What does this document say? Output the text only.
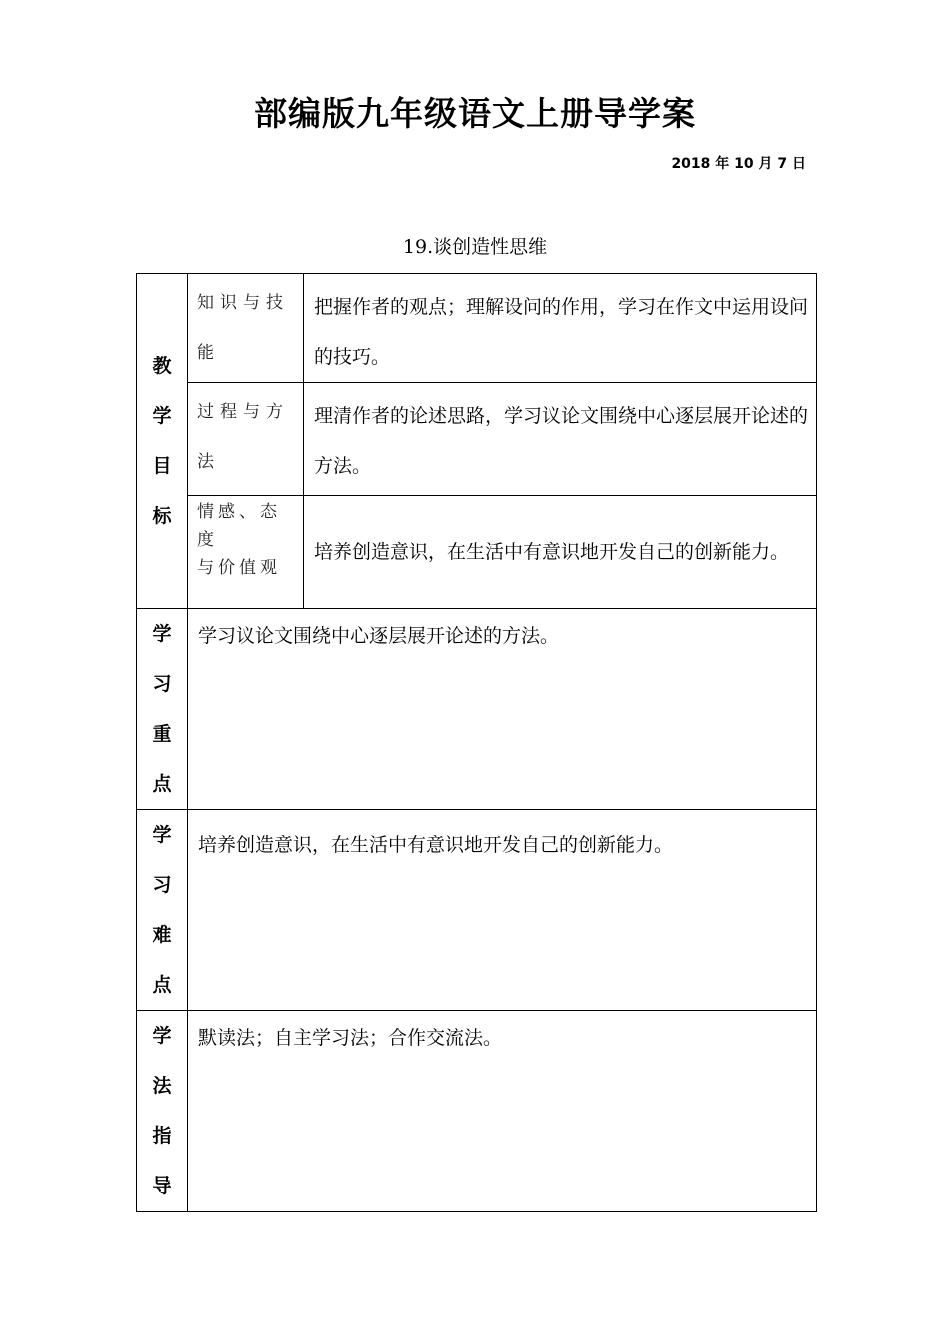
部编版九年级语文上册导学案
2018 年 10 月 7 日
19.谈创造性思维
教
学
目
标	知识与技能	把握作者的观点；理解设问的作用，学习在作文中运用设问的技巧。
	过程与方法	理清作者的论述思路，学习议论文围绕中心逐层展开论述的方法。

	情感、态度
与价值观	培养创造意识，在生活中有意识地开发自己的创新能力。

学
习
重
点	学习议论文围绕中心逐层展开论述的方法。	

学
习
难
点	培养创造意识，在生活中有意识地开发自己的创新能力。	

学
法
指
导	默读法；自主学习法；合作交流法。	
